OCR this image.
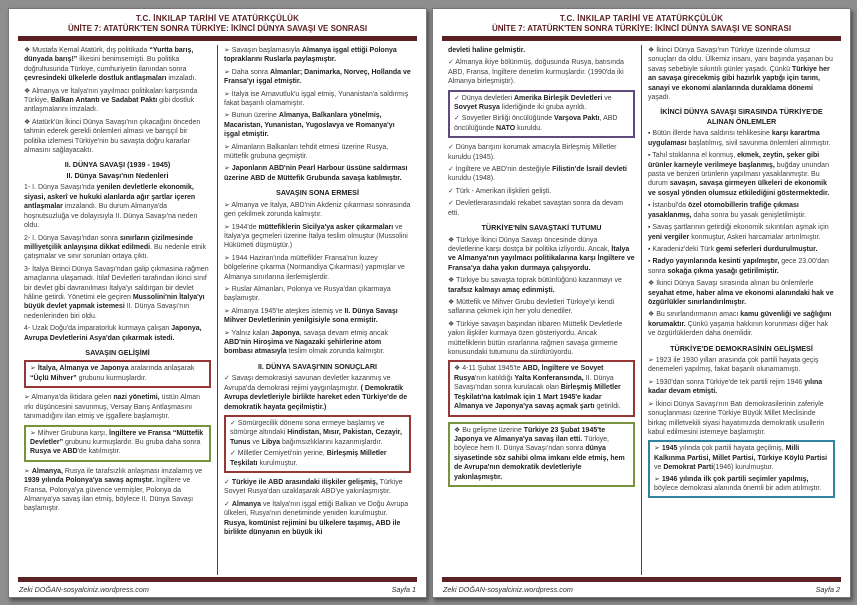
T.C. İNKILAP TARİHİ VE ATATÜRKÇÜLÜK
ÜNİTE 7: ATATÜRK'TEN SONRA TÜRKİYE: İKİNCİ DÜNYA SAVAŞI VE SONRASI
❖ Mustafa Kemal Atatürk, dış politikada “Yurtta barış, dünyada barış!” ilkesini benimsemişti. Bu politika doğrultusunda Türkiye, cumhuriyetin ilanından sonra çevresindeki ülkelerle dostluk antlaşmaları imzaladı.
❖ Almanya ve İtalya'nın yayılmacı politikaları karşısında Türkiye, Balkan Antantı ve Sadabat Paktı gibi dostluk antlaşmalarını imzaladı.
❖ Atatürk'ün İkinci Dünya Savaşı'nın çıkacağını önceden tahmin ederek gerekli önlemleri alması ve barışçıl bir politika izlemesi Türkiye'nin bu savaşta doğru kararlar almasını sağlayacaktı.
II. DÜNYA SAVAŞI (1939 - 1945)
II. Dünya Savaşı'nın Nedenleri
1- I. Dünya Savaşı'nda yenilen devletlerle ekonomik, siyasi, askerî ve hukuki alanlarda ağır şartlar içeren antlaşmalar imzalandı. Bu durum Almanya'da hoşnutsuzluğa ve dolayısıyla II. Dünya Savaşı'na neden oldu.
2- I. Dünya Savaşı'ndan sonra sınırların çizilmesinde milliyetçilik anlayışına dikkat edilmedi. Bu nedenle etnik çatışmalar ve sınır sorunları ortaya çıktı.
3- İtalya Birinci Dünya Savaşı'ndan galip çıkmasına rağmen amaçlarına ulaşamadı. İtilaf Devletleri tarafından ikinci sınıf bir devlet gibi davranılması İtalya'yı saldırgan bir devlet hâline getirdi. Yönetimi ele geçiren Mussolini'nin İtalya'yı büyük devlet yapmak istemesi II. Dünya Savaşı'nın nedenlerinden biri oldu.
4- Uzak Doğu'da imparatorluk kurmaya çalışan Japonya, Avrupa Devletlerini Asya'dan çıkarmak istedi.
SAVAŞIN GELİŞİMİ
➢ İtalya, Almanya ve Japonya aralarında anlaşarak “Üçlü Mihver” grubunu kurmuşlardır.
➢ Almanya'da iktidara gelen nazi yönetimi, üstün Alman ırkı düşüncesini savunmuş, Versay Barış Antlaşmasını tanımadığını ilan etmiş ve işgallere başlamıştır.
➢ Mihver Grubuna karşı, İngiltere ve Fransa “Müttefik Devletler” grubunu kurmuşlardır. Bu gruba daha sonra Rusya ve ABD'de katılmıştır.
➢ Almanya, Rusya ile tarafsızlık anlaşması imzalamış ve 1939 yılında Polonya'ya savaş açmıştır. İngiltere ve Fransa, Polonya'ya güvence vermişler, Polonya da Almanya'ya savaş ilan etmiş, böylece II. Dünya Savaşı başlamıştır.
➢ Savaşın başlamasıyla Almanya işgal ettiği Polonya topraklarını Ruslarla paylaşmıştır.
➢ Daha sonra Almanlar; Danimarka, Norveç, Hollanda ve Fransa'yı işgal etmiştir.
➢ İtalya ise Arnavutluk'u işgal etmiş, Yunanistan'a saldırmış fakat başarılı olamamıştır.
➢ Bunun üzerine Almanya, Balkanlara yönelmiş, Macaristan, Yunanistan, Yugoslavya ve Romanya'yı işgal etmiştir.
➢ Almanların Balkanları tehdit etmesi üzerine Rusya, müttefik grubuna geçmiştir.
➢ Japonların ABD'nin Pearl Harbour üssüne saldırması üzerine ABD de Müttefik Grubunda savaşa katılmıştır.
SAVAŞIN SONA ERMESİ
➢ Almanya ve İtalya, ABD'nin Akdeniz çıkarması sonrasında geri çekilmek zorunda kalmıştır.
➢ 1944'de müttefiklerin Sicilya'ya asker çıkarmaları ve İtalya'ya geçmeleri üzerine İtalya teslim olmuştur (Mussolini Hükümeti düşmüştür.)
➢ 1944 Haziran'ında müttefikler Fransa'nın kuzey bölgelerine çıkarma (Normandiya Çıkarması) yapmışlar ve Almanya sınırlarına ilerlemişlerdir.
➢ Ruslar Almanları, Polonya ve Rusya'dan çıkarmaya başlamıştır.
➢ Almanya 1945'te ateşkes istemiş ve II. Dünya Savaşı Mihver Devletlerinin yenilgisiyle sona ermiştir.
➢ Yalnız kalan Japonya, savaşa devam etmiş ancak ABD'nin Hiroşima ve Nagazaki şehirlerine atom bombası atmasıyla teslim olmak zorunda kalmıştır.
II. DÜNYA SAVAŞI'NIN SONUÇLARI
✓ Savaşı demokrasiyi savunan devletler kazanmış ve Avrupa'da demokrasi rejimi yaygınlaşmıştır. ( Demokratik Avrupa devletleriyle birlikte hareket eden Türkiye'de de demokratik hayata geçilmiştir.)
✓ Sömürgecilik dönemi sona ermeye başlamış ve sömürge altındaki Hindistan, Mısır, Pakistan, Cezayir, Tunus ve Libya bağımsızlıklarını kazanmışlardır.
✓ Milletler Cemiyeti'nin yerine, Birleşmiş Milletler Teşkilatı kurulmuştur.
✓ Türkiye ile ABD arasındaki ilişkiler gelişmiş, Türkiye Sovyet Rusya'dan uzaklaşarak ABD'ye yakınlaşmıştır.
✓ Almanya ve İtalya'nın işgal ettiği Balkan ve Doğu Avrupa ülkeleri, Rusya'nın denetiminde yeniden kurulmuştur. Rusya, komünist rejimini bu ülkelere taşımış, ABD ile birlikte dünyanın en büyük iki
Zeki DOĞAN-sosyalciniz.wordpress.com	Sayfa 1
T.C. İNKILAP TARİHİ VE ATATÜRKÇÜLÜK
ÜNİTE 7: ATATÜRK'TEN SONRA TÜRKİYE: İKİNCİ DÜNYA SAVAŞI VE SONRASI
devleti haline gelmiştir.
✓ Almanya ikiye bölünmüş, doğusunda Rusya, batısında ABD, Fransa, İngiltere denetim kurmuşlardır. (1990'da iki Almanya birleşmiştir).
✓ Dünya devletleri Amerika Birleşik Devletleri ve Sovyet Rusya liderliğinde iki gruba ayrıldı.
✓ Sovyetler Birliği öncülüğünde Varşova Paktı, ABD öncülüğünde NATO kuruldu.
✓ Dünya barışını korumak amacıyla Birleşmiş Milletler kuruldu (1945).
✓ İngiltere ve ABD'nin desteğiyle Filistin'de İsrail devleti kuruldu (1948).
✓ Türk - Amerikan ilişkileri gelişti.
✓ Devletlerarasındaki rekabet savaştan sonra da devam etti.
TÜRKİYE'NİN SAVAŞTAKİ TUTUMU
❖ Türkiye İkinci Dünya Savaşı öncesinde dünya devletlerine karşı dostça bir politika izliyordu. Ancak, İtalya ve Almanya'nın yayılmacı politikalarına karşı İngiltere ve Fransa'ya daha yakın durmaya çalışıyordu.
❖ Türkiye bu savaşta toprak bütünlüğünü kazanmayı ve tarafsız kalmayı amaç edinmişti.
❖ Müttefik ve Mihver Grubu devletleri Türkiye'yi kendi saflarına çekmek için her yolu denediler.
❖ Türkiye savaşın başından itibaren Müttefik Devletlerle yakın ilişkiler kurmaya özen gösteriyordu. Ancak müttefiklerin bütün ısrarlarına rağmen savaşa girmeme konusundaki tutumunu da sürdürüyordu.
❖ 4-11 Şubat 1945'te ABD, İngiltere ve Sovyet Rusya'nın katıldığı Yalta Konferansında, II. Dünya Savaşı'ndan sonra kurulacak olan Birleşmiş Milletler Teşkilatı'na katılmak için 1 Mart 1945'e kadar Almanya ve Japonya'ya savaş açmak şartı getirildi.
❖ Bu gelişme üzerine Türkiye 23 Şubat 1945'te Japonya ve Almanya'ya savaş ilan etti. Türkiye, böylece hem II. Dünya Savaşı'ndan sonra dünya siyasetinde söz sahibi olma imkanı elde etmiş, hem de Avrupa'nın demokratik devletleriyle yakınlaşmıştır.
❖ İkinci Dünya Savaşı'nın Türkiye üzerinde olumsuz sonuçları da oldu. Ülkemiz insanı, yanı başında yaşanan bu savaş sebebiyle sıkıntılı günler yaşadı. Çünkü Türkiye her an savaşa girecekmiş gibi hazırlık yaptığı için tarım, sanayi ve ekonomi alanlarında duraklama dönemi yaşadı.
İKİNCİ DÜNYA SAVAŞI SIRASINDA TÜRKİYE'DE ALINAN ÖNLEMLER
▪ Bütün illerde hava saldırısı tehlikesine karşı karartma uygulaması başlatılmış, sivil savunma önlemleri alınmıştır.
▪ Tahıl stoklarına el konmuş, ekmek, zeytin, şeker gibi ürünler karneyle verilmeye başlanmış, buğday unundan pasta ve benzeri ürünlerin yapılması yasaklanmıştır. Bu durum savaşın, savaşa girmeyen ülkeleri de ekonomik ve sosyal yönden olumsuz etkilediğini göstermektedir.
▪ İstanbul'da özel otomobillerin trafiğe çıkması yasaklanmış, daha sonra bu yasak genişletilmiştir.
▪ Savaş şartlarının getirdiği ekonomik sıkıntıları aşmak için yeni vergiler konmuştur, Askeri harcamalar artırılmıştır.
▪ Karadeniz'deki Türk gemi seferleri durdurulmuştur.
▪ Radyo yayınlarında kesinti yapılmıştır, gece 23.00'dan sonra sokağa çıkma yasağı getirilmiştir.
❖ İkinci Dünya Savaşı sırasında alınan bu önlemlerle seyahat etme, haber alma ve ekonomi alanındaki hak ve özgürlükler sınırlandırılmıştır.
❖ Bu sınırlandırmanın amacı kamu güvenliği ve sağlığını korumaktır. Çünkü yaşama hakkının korunması diğer hak ve özgürlüklerden daha önemlidir.
TÜRKİYE'DE DEMOKRASİNİN GELİŞMESİ
➢ 1923 ile 1930 yılları arasında çok partili hayata geçiş denemeleri yapılmış, fakat başarılı olunamamıştı.
➢ 1930'dan sonra Türkiye'de tek partili rejim 1946 yılına kadar devam etmişti.
➢ İkinci Dünya Savaşı'nın Batı demokrasilerinin zaferiyle sonuçlanması üzerine Türkiye Büyük Millet Meclisinde birkaç milletvekili siyasi hayatımızda demokratik usullerin kabul edilmesini istemeye başlamıştır.
➢ 1945 yılında çok partili hayata geçilmiş, Milli Kalkınma Partisi, Millet Partisi, Türkiye Köylü Partisi ve Demokrat Parti(1946) kurulmuştur.
➢ 1946 yılında ilk çok partili seçimler yapılmış, böylece demokrasi alanında önemli bir adım atılmıştır.
Zeki DOĞAN-sosyalciniz.wordpress.com	Sayfa 2
